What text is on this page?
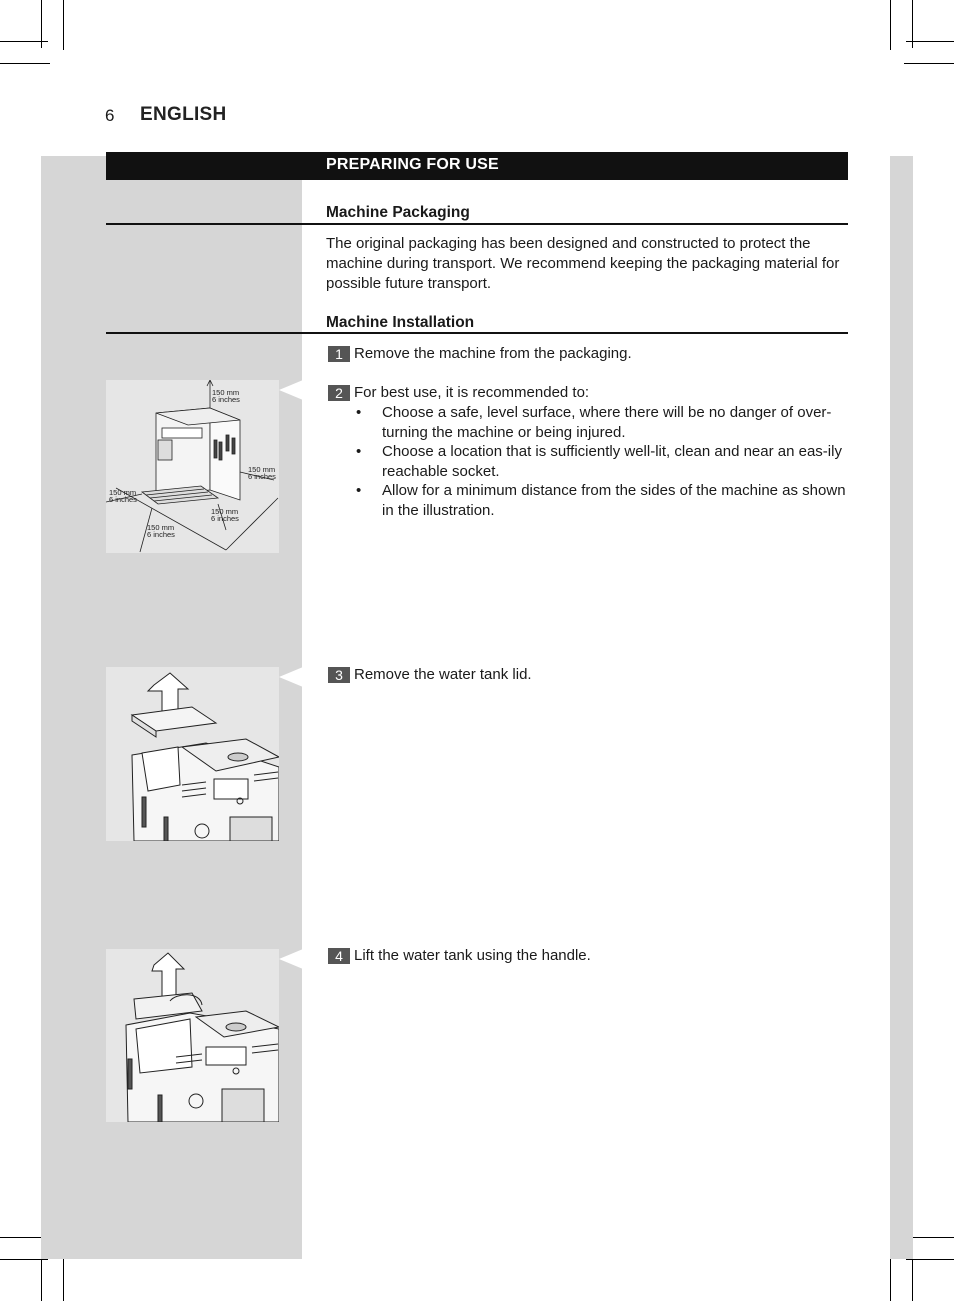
6 ENGLISH
PREPARING FOR USE
Machine Packaging
The original packaging has been designed and constructed to protect the machine during transport. We recommend keeping the packaging material for possible future transport.
Machine Installation
1 Remove the machine from the packaging.
2 For best use, it is recommended to:
• Choose a safe, level surface, where there will be no danger of over-turning the machine or being injured.
• Choose a location that is sufficiently well-lit, clean and near an eas-ily reachable socket.
• Allow for a minimum distance from the sides of the machine as shown in the illustration.
3 Remove the water tank lid.
4 Lift the water tank using the handle.
150 mm
6 inches
150 mm
6 inches
150 mm
6 inches
150 mm
6 inches
150 mm
6 inches
